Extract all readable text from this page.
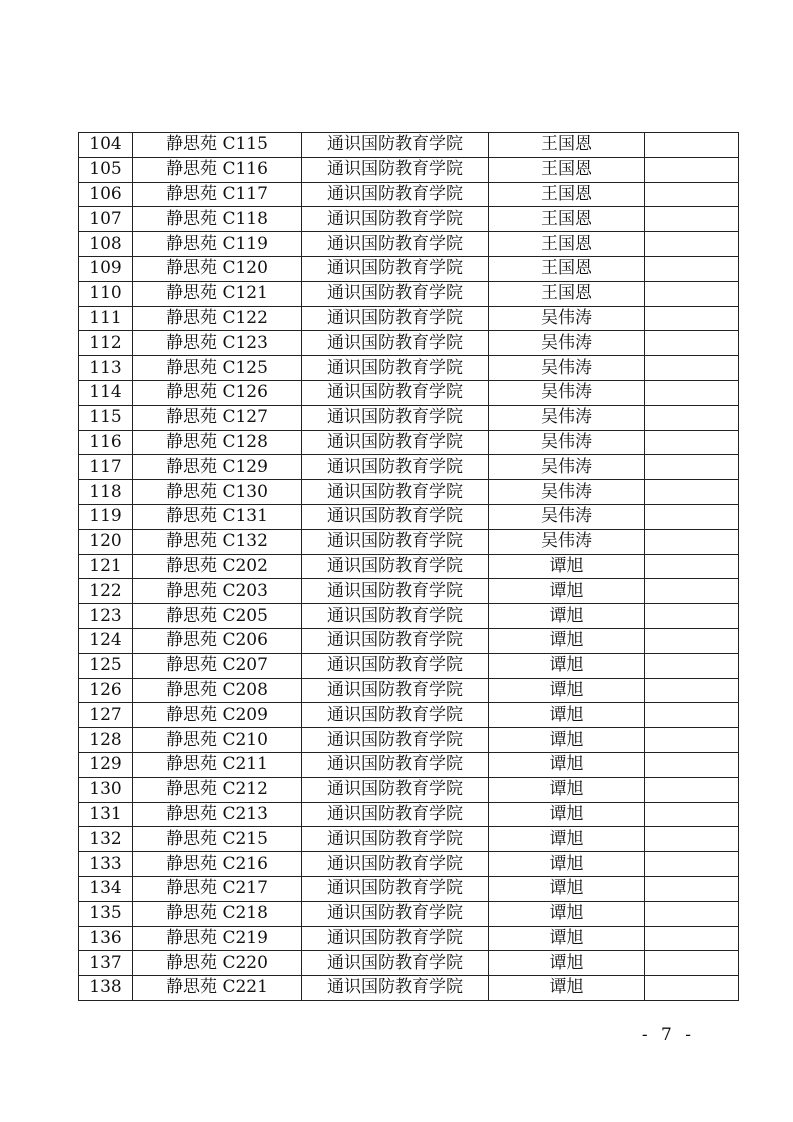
104	静思苑 C115	通识国防教育学院	王国恩	
105	静思苑 C116	通识国防教育学院	王国恩	
106	静思苑 C117	通识国防教育学院	王国恩	
107	静思苑 C118	通识国防教育学院	王国恩	
108	静思苑 C119	通识国防教育学院	王国恩	
109	静思苑 C120	通识国防教育学院	王国恩	
110	静思苑 C121	通识国防教育学院	王国恩	
111	静思苑 C122	通识国防教育学院	吴伟涛	
112	静思苑 C123	通识国防教育学院	吴伟涛	
113	静思苑 C125	通识国防教育学院	吴伟涛	
114	静思苑 C126	通识国防教育学院	吴伟涛	
115	静思苑 C127	通识国防教育学院	吴伟涛	
116	静思苑 C128	通识国防教育学院	吴伟涛	
117	静思苑 C129	通识国防教育学院	吴伟涛	
118	静思苑 C130	通识国防教育学院	吴伟涛	
119	静思苑 C131	通识国防教育学院	吴伟涛	
120	静思苑 C132	通识国防教育学院	吴伟涛	
121	静思苑 C202	通识国防教育学院	谭旭	
122	静思苑 C203	通识国防教育学院	谭旭	
123	静思苑 C205	通识国防教育学院	谭旭	
124	静思苑 C206	通识国防教育学院	谭旭	
125	静思苑 C207	通识国防教育学院	谭旭	
126	静思苑 C208	通识国防教育学院	谭旭	
127	静思苑 C209	通识国防教育学院	谭旭	
128	静思苑 C210	通识国防教育学院	谭旭	
129	静思苑 C211	通识国防教育学院	谭旭	
130	静思苑 C212	通识国防教育学院	谭旭	
131	静思苑 C213	通识国防教育学院	谭旭	
132	静思苑 C215	通识国防教育学院	谭旭	
133	静思苑 C216	通识国防教育学院	谭旭	
134	静思苑 C217	通识国防教育学院	谭旭	
135	静思苑 C218	通识国防教育学院	谭旭	
136	静思苑 C219	通识国防教育学院	谭旭	
137	静思苑 C220	通识国防教育学院	谭旭	
138	静思苑 C221	通识国防教育学院	谭旭	
- 7 -
